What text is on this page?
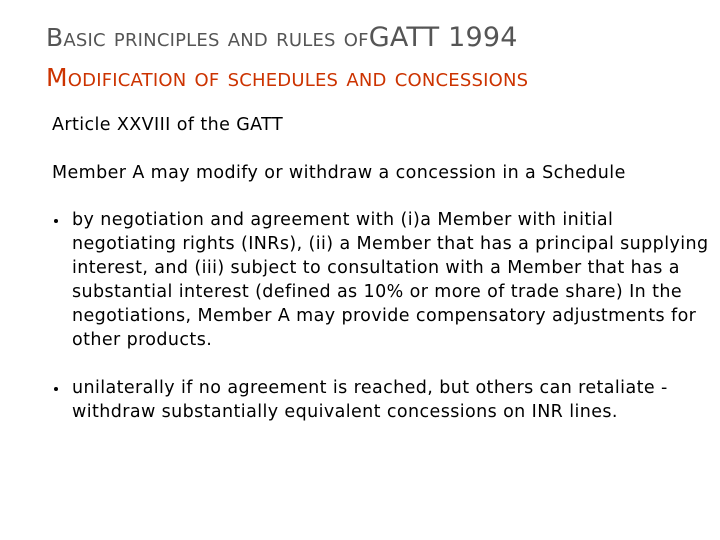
Basic principles and rules ofGATT 1994
Modification of schedules and concessions
Article XXVIII of the GATT
Member A may modify or withdraw a concession in a Schedule
by negotiation and agreement with (i)a Member with initial negotiating rights (INRs), (ii) a Member that has a principal supplying interest, and (iii) subject to consultation with a Member that has a substantial interest (defined as 10% or more of trade share) In the negotiations, Member A may provide compensatory adjustments for other products.
unilaterally if no agreement is reached, but others can retaliate - withdraw substantially equivalent concessions on INR lines.
